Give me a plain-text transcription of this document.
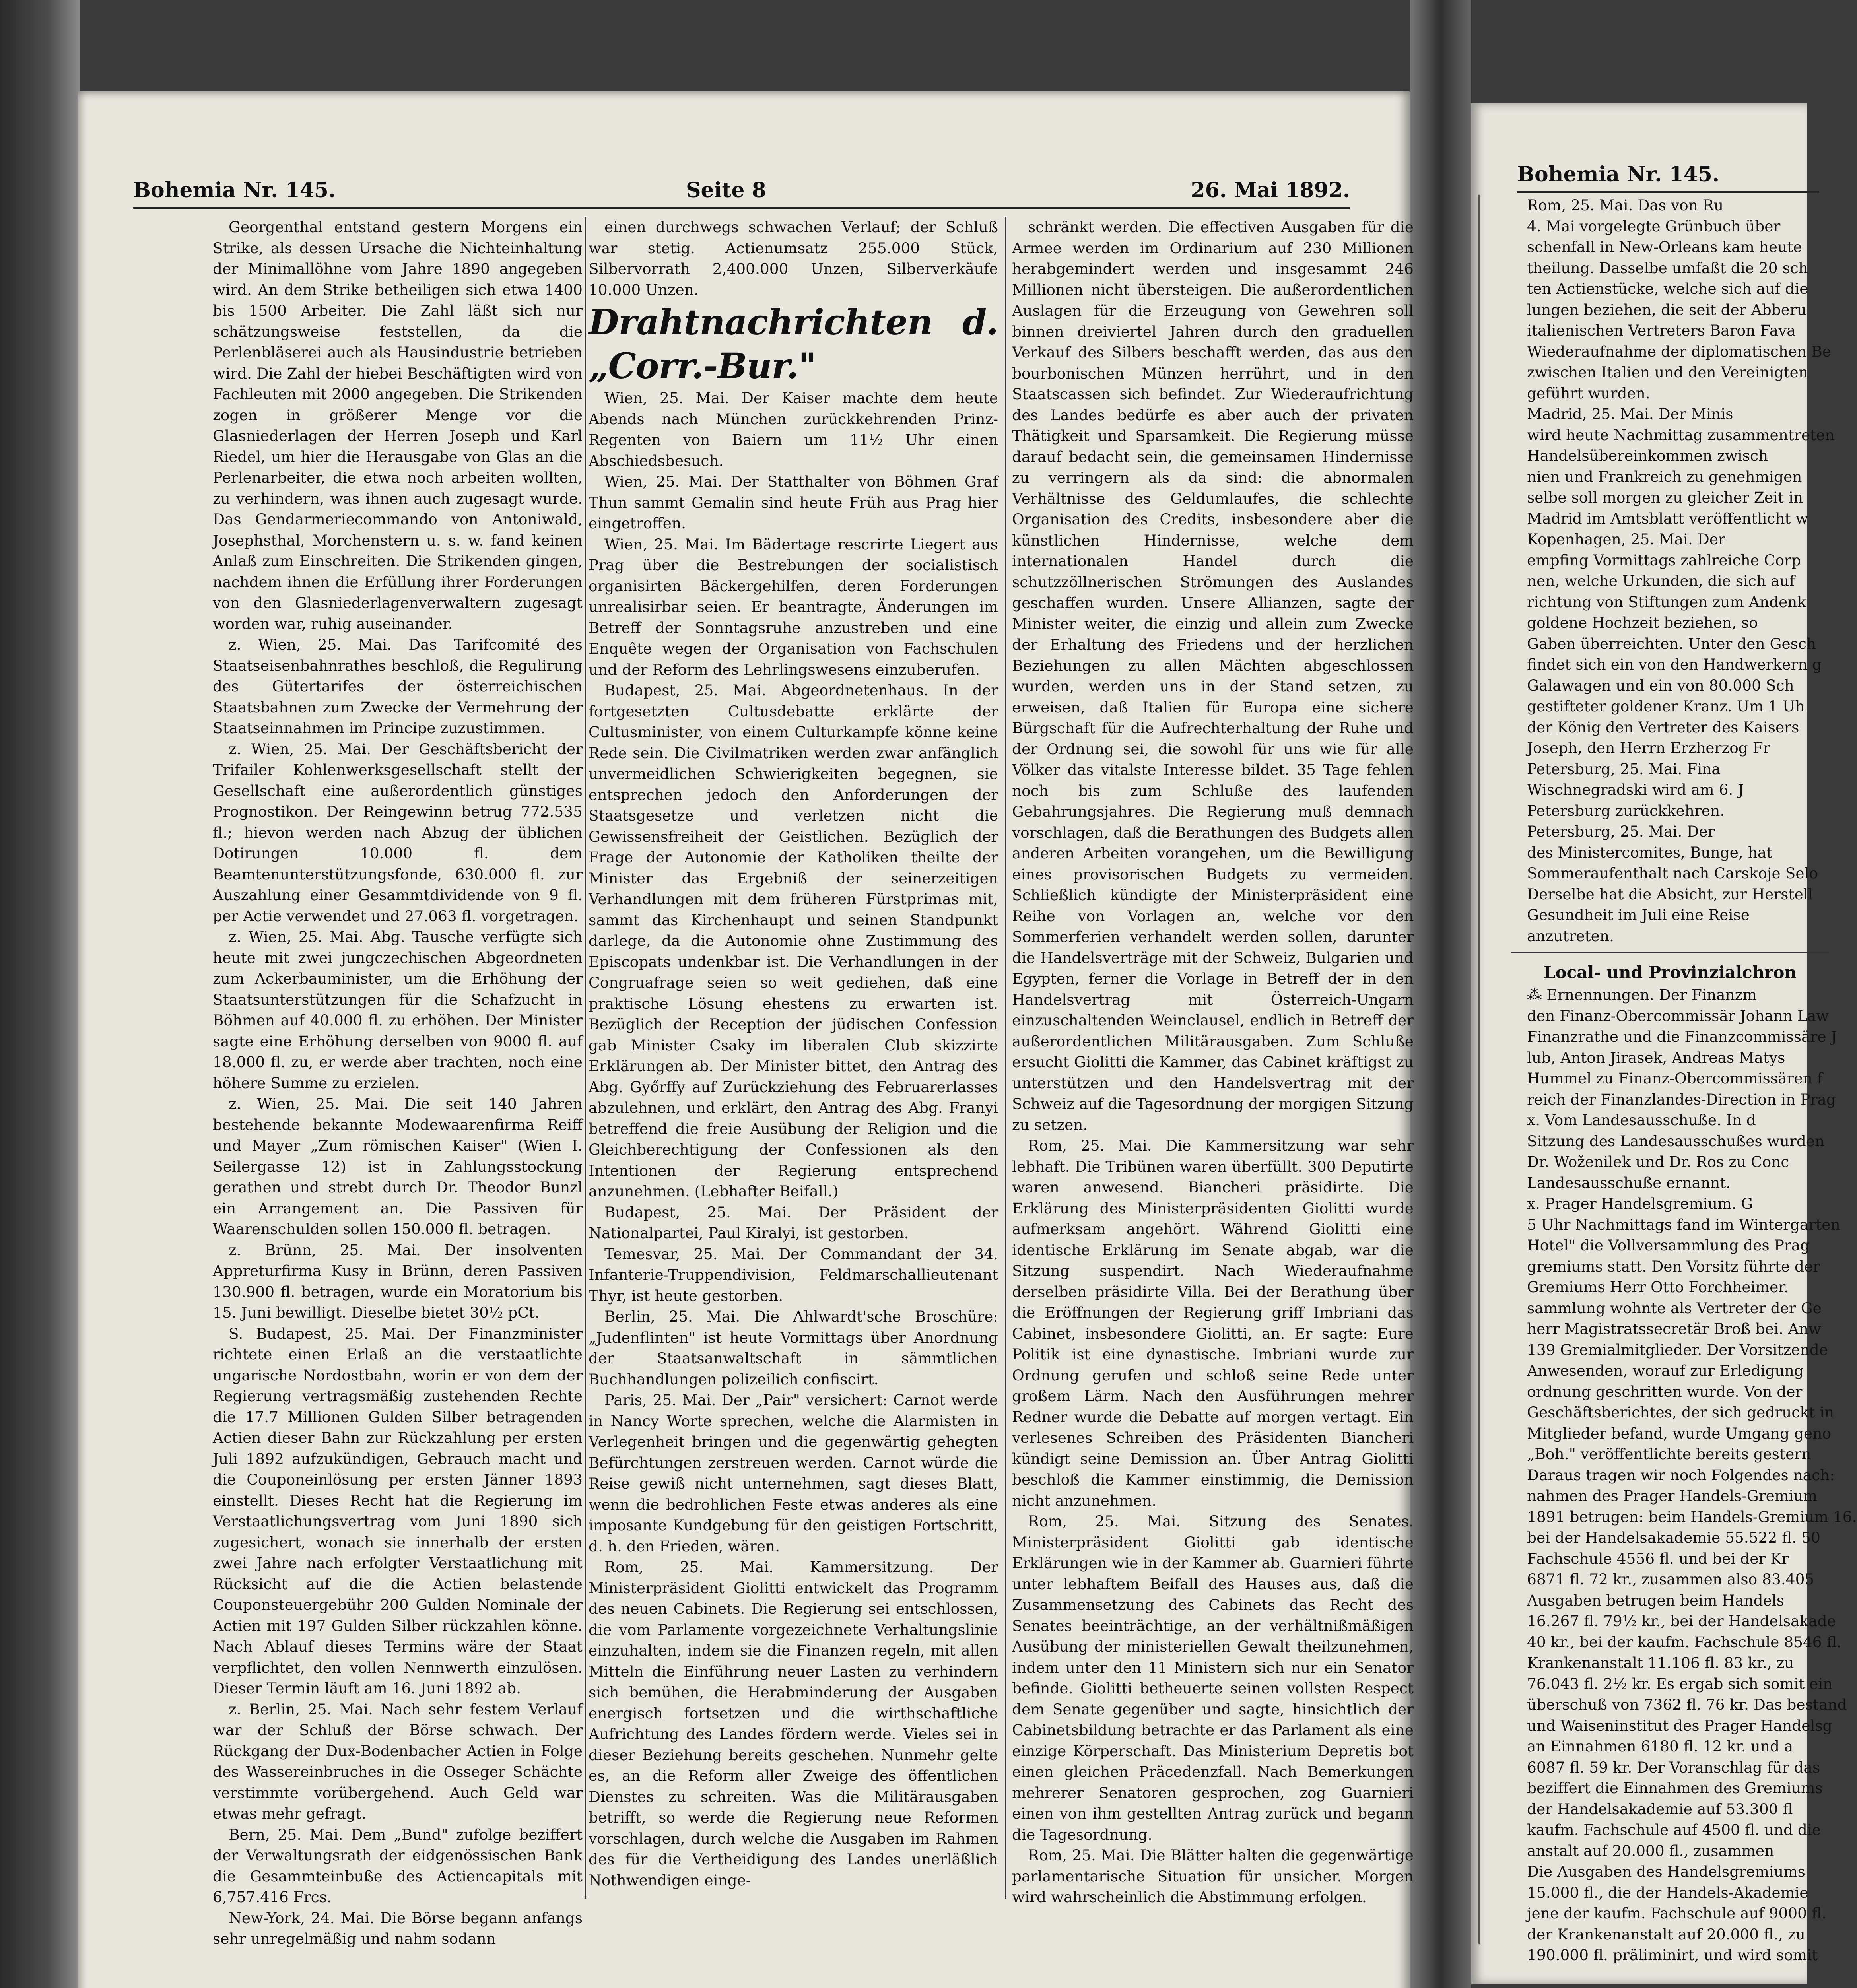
Bohemia Nr. 145.	Seite 8	26. Mai 1892.

Georgenthal entstand gestern Morgens ein Strike, als dessen Ursache die Nichteinhaltung der Minimallöhne vom Jahre 1890 angegeben wird. An dem Strike betheiligen sich etwa 1400 bis 1500 Arbeiter. Die Zahl läßt sich nur schätzungsweise feststellen, da die Perlenbläserei auch als Hausindustrie betrieben wird. Die Zahl der hiebei Beschäftigten wird von Fachleuten mit 2000 angegeben. Die Strikenden zogen in größerer Menge vor die Glasniederlagen der Herren Joseph und Karl Riedel, um hier die Herausgabe von Glas an die Perlenarbeiter, die etwa noch arbeiten wollten, zu verhindern, was ihnen auch zugesagt wurde. Das Gendarmeriecommando von Antoniwald, Josephsthal, Morchenstern u. s. w. fand keinen Anlaß zum Einschreiten. Die Strikenden gingen, nachdem ihnen die Erfüllung ihrer Forderungen von den Glasniederlagenverwaltern zugesagt worden war, ruhig auseinander.

z. Wien, 25. Mai. Das Tarifcomité des Staatseisenbahnrathes beschloß, die Regulirung des Gütertarifes der österreichischen Staatsbahnen zum Zwecke der Vermehrung der Staatseinnahmen im Principe zuzustimmen.

z. Wien, 25. Mai. Der Geschäftsbericht der Trifailer Kohlenwerksgesellschaft stellt der Gesellschaft eine außerordentlich günstiges Prognostikon. Der Reingewinn betrug 772.535 fl.; hievon werden nach Abzug der üblichen Dotirungen 10.000 fl. dem Beamtenunterstützungsfonde, 630.000 fl. zur Auszahlung einer Gesammtdividende von 9 fl. per Actie verwendet und 27.063 fl. vorgetragen.

z. Wien, 25. Mai. Abg. Tausche verfügte sich heute mit zwei jungczechischen Abgeordneten zum Ackerbauminister, um die Erhöhung der Staatsunterstützungen für die Schafzucht in Böhmen auf 40.000 fl. zu erhöhen. Der Minister sagte eine Erhöhung derselben von 9000 fl. auf 18.000 fl. zu, er werde aber trachten, noch eine höhere Summe zu erzielen.

z. Wien, 25. Mai. Die seit 140 Jahren bestehende bekannte Modewaarenfirma Reiff und Mayer „Zum römischen Kaiser" (Wien I. Seilergasse 12) ist in Zahlungsstockung gerathen und strebt durch Dr. Theodor Bunzl ein Arrangement an. Die Passiven für Waarenschulden sollen 150.000 fl. betragen.

z. Brünn, 25. Mai. Der insolventen Appreturfirma Kusy in Brünn, deren Passiven 130.900 fl. betragen, wurde ein Moratorium bis 15. Juni bewilligt. Dieselbe bietet 30½ pCt.

S. Budapest, 25. Mai. Der Finanzminister richtete einen Erlaß an die verstaatlichte ungarische Nordostbahn, worin er von dem der Regierung vertragsmäßig zustehenden Rechte die 17.7 Millionen Gulden Silber betragenden Actien dieser Bahn zur Rückzahlung per ersten Juli 1892 aufzukündigen, Gebrauch macht und die Couponeinlösung per ersten Jänner 1893 einstellt. Dieses Recht hat die Regierung im Verstaatlichungsvertrag vom Juni 1890 sich zugesichert, wonach sie innerhalb der ersten zwei Jahre nach erfolgter Verstaatlichung mit Rücksicht auf die die Actien belastende Couponsteuergebühr 200 Gulden Nominale der Actien mit 197 Gulden Silber rückzahlen könne. Nach Ablauf dieses Termins wäre der Staat verpflichtet, den vollen Nennwerth einzulösen. Dieser Termin läuft am 16. Juni 1892 ab.

z. Berlin, 25. Mai. Nach sehr festem Verlauf war der Schluß der Börse schwach. Der Rückgang der Dux-Bodenbacher Actien in Folge des Wassereinbruches in die Osseger Schächte verstimmte vorübergehend. Auch Geld war etwas mehr gefragt.

Bern, 25. Mai. Dem „Bund" zufolge beziffert der Verwaltungsrath der eidgenössischen Bank die Gesammteinbuße des Actiencapitals mit 6,757.416 Frcs.

New-York, 24. Mai. Die Börse begann anfangs sehr unregelmäßig und nahm sodann

einen durchwegs schwachen Verlauf; der Schluß war stetig. Actienumsatz 255.000 Stück, Silbervorrath 2,400.000 Unzen, Silberverkäufe 10.000 Unzen.

Drahtnachrichten d. „Corr.-Bur."

Wien, 25. Mai. Der Kaiser machte dem heute Abends nach München zurückkehrenden Prinz-Regenten von Baiern um 11½ Uhr einen Abschiedsbesuch.

Wien, 25. Mai. Der Statthalter von Böhmen Graf Thun sammt Gemalin sind heute Früh aus Prag hier eingetroffen.

Wien, 25. Mai. Im Bädertage rescrirte Liegert aus Prag über die Bestrebungen der socialistisch organisirten Bäckergehilfen, deren Forderungen unrealisirbar seien. Er beantragte, Änderungen im Betreff der Sonntagsruhe anzustreben und eine Enquête wegen der Organisation von Fachschulen und der Reform des Lehrlingswesens einzuberufen.

Budapest, 25. Mai. Abgeordnetenhaus. In der fortgesetzten Cultusdebatte erklärte der Cultusminister, von einem Culturkampfe könne keine Rede sein. Die Civilmatriken werden zwar anfänglich unvermeidlichen Schwierigkeiten begegnen, sie entsprechen jedoch den Anforderungen der Staatsgesetze und verletzen nicht die Gewissensfreiheit der Geistlichen. Bezüglich der Frage der Autonomie der Katholiken theilte der Minister das Ergebniß der seinerzeitigen Verhandlungen mit dem früheren Fürstprimas mit, sammt das Kirchenhaupt und seinen Standpunkt darlege, da die Autonomie ohne Zustimmung des Episcopats undenkbar ist. Die Verhandlungen in der Congruafrage seien so weit gediehen, daß eine praktische Lösung ehestens zu erwarten ist. Bezüglich der Reception der jüdischen Confession gab Minister Csaky im liberalen Club skizzirte Erklärungen ab. Der Minister bittet, den Antrag des Abg. Győrffy auf Zurückziehung des Februarerlasses abzulehnen, und erklärt, den Antrag des Abg. Franyi betreffend die freie Ausübung der Religion und die Gleichberechtigung der Confessionen als den Intentionen der Regierung entsprechend anzunehmen. (Lebhafter Beifall.)

Budapest, 25. Mai. Der Präsident der Nationalpartei, Paul Kiralyi, ist gestorben.

Temesvar, 25. Mai. Der Commandant der 34. Infanterie-Truppendivision, Feldmarschallieutenant Thyr, ist heute gestorben.

Berlin, 25. Mai. Die Ahlwardt'sche Broschüre: „Judenflinten" ist heute Vormittags über Anordnung der Staatsanwaltschaft in sämmtlichen Buchhandlungen polizeilich confiscirt.

Paris, 25. Mai. Der „Pair" versichert: Carnot werde in Nancy Worte sprechen, welche die Alarmisten in Verlegenheit bringen und die gegenwärtig gehegten Befürchtungen zerstreuen werden. Carnot würde die Reise gewiß nicht unternehmen, sagt dieses Blatt, wenn die bedrohlichen Feste etwas anderes als eine imposante Kundgebung für den geistigen Fortschritt, d. h. den Frieden, wären.

Rom, 25. Mai. Kammersitzung. Der Ministerpräsident Giolitti entwickelt das Programm des neuen Cabinets. Die Regierung sei entschlossen, die vom Parlamente vorgezeichnete Verhaltungslinie einzuhalten, indem sie die Finanzen regeln, mit allen Mitteln die Einführung neuer Lasten zu verhindern sich bemühen, die Herabminderung der Ausgaben energisch fortsetzen und die wirthschaftliche Aufrichtung des Landes fördern werde. Vieles sei in dieser Beziehung bereits geschehen. Nunmehr gelte es, an die Reform aller Zweige des öffentlichen Dienstes zu schreiten. Was die Militärausgaben betrifft, so werde die Regierung neue Reformen vorschlagen, durch welche die Ausgaben im Rahmen des für die Vertheidigung des Landes unerläßlich Nothwendigen einge-

schränkt werden. Die effectiven Ausgaben für die Armee werden im Ordinarium auf 230 Millionen herabgemindert werden und insgesammt 246 Millionen nicht übersteigen. Die außerordentlichen Auslagen für die Erzeugung von Gewehren soll binnen dreiviertel Jahren durch den graduellen Verkauf des Silbers beschafft werden, das aus den bourbonischen Münzen herrührt, und in den Staatscassen sich befindet. Zur Wiederaufrichtung des Landes bedürfe es aber auch der privaten Thätigkeit und Sparsamkeit. Die Regierung müsse darauf bedacht sein, die gemeinsamen Hindernisse zu verringern als da sind: die abnormalen Verhältnisse des Geldumlaufes, die schlechte Organisation des Credits, insbesondere aber die künstlichen Hindernisse, welche dem internationalen Handel durch die schutzzöllnerischen Strömungen des Auslandes geschaffen wurden. Unsere Allianzen, sagte der Minister weiter, die einzig und allein zum Zwecke der Erhaltung des Friedens und der herzlichen Beziehungen zu allen Mächten abgeschlossen wurden, werden uns in der Stand setzen, zu erweisen, daß Italien für Europa eine sichere Bürgschaft für die Aufrechterhaltung der Ruhe und der Ordnung sei, die sowohl für uns wie für alle Völker das vitalste Interesse bildet. 35 Tage fehlen noch bis zum Schluße des laufenden Gebahrungsjahres. Die Regierung muß demnach vorschlagen, daß die Berathungen des Budgets allen anderen Arbeiten vorangehen, um die Bewilligung eines provisorischen Budgets zu vermeiden. Schließlich kündigte der Ministerpräsident eine Reihe von Vorlagen an, welche vor den Sommerferien verhandelt werden sollen, darunter die Handelsverträge mit der Schweiz, Bulgarien und Egypten, ferner die Vorlage in Betreff der in den Handelsvertrag mit Österreich-Ungarn einzuschaltenden Weinclausel, endlich in Betreff der außerordentlichen Militärausgaben. Zum Schluße ersucht Giolitti die Kammer, das Cabinet kräftigst zu unterstützen und den Handelsvertrag mit der Schweiz auf die Tagesordnung der morgigen Sitzung zu setzen.

Rom, 25. Mai. Die Kammersitzung war sehr lebhaft. Die Tribünen waren überfüllt. 300 Deputirte waren anwesend. Biancheri präsidirte. Die Erklärung des Ministerpräsidenten Giolitti wurde aufmerksam angehört. Während Giolitti eine identische Erklärung im Senate abgab, war die Sitzung suspendirt. Nach Wiederaufnahme derselben präsidirte Villa. Bei der Berathung über die Eröffnungen der Regierung griff Imbriani das Cabinet, insbesondere Giolitti, an. Er sagte: Eure Politik ist eine dynastische. Imbriani wurde zur Ordnung gerufen und schloß seine Rede unter großem Lärm. Nach den Ausführungen mehrer Redner wurde die Debatte auf morgen vertagt. Ein verlesenes Schreiben des Präsidenten Biancheri kündigt seine Demission an. Über Antrag Giolitti beschloß die Kammer einstimmig, die Demission nicht anzunehmen.

Rom, 25. Mai. Sitzung des Senates. Ministerpräsident Giolitti gab identische Erklärungen wie in der Kammer ab. Guarnieri führte unter lebhaftem Beifall des Hauses aus, daß die Zusammensetzung des Cabinets das Recht des Senates beeinträchtige, an der verhältnißmäßigen Ausübung der ministeriellen Gewalt theilzunehmen, indem unter den 11 Ministern sich nur ein Senator befinde. Giolitti betheuerte seinen vollsten Respect dem Senate gegenüber und sagte, hinsichtlich der Cabinetsbildung betrachte er das Parlament als eine einzige Körperschaft. Das Ministerium Depretis bot einen gleichen Präcedenzfall. Nach Bemerkungen mehrerer Senatoren gesprochen, zog Guarnieri einen von ihm gestellten Antrag zurück und begann die Tagesordnung.

Rom, 25. Mai. Die Blätter halten die gegenwärtige parlamentarische Situation für unsicher. Morgen wird wahrscheinlich die Abstimmung erfolgen.

Bohemia Nr. 145.

Rom, 25. Mai. Das von Ru

4. Mai vorgelegte Grünbuch über

schenfall in New-Orleans kam heute

theilung. Dasselbe umfaßt die 20 sch

ten Actienstücke, welche sich auf die

lungen beziehen, die seit der Abberu

italienischen Vertreters Baron Fava

Wiederaufnahme der diplomatischen Be

zwischen Italien und den Vereinigten

geführt wurden.

Madrid, 25. Mai. Der Minis

wird heute Nachmittag zusammentreten

Handelsübereinkommen zwisch

nien und Frankreich zu genehmigen

selbe soll morgen zu gleicher Zeit in

Madrid im Amtsblatt veröffentlicht w

Kopenhagen, 25. Mai. Der

empfing Vormittags zahlreiche Corp

nen, welche Urkunden, die sich auf

richtung von Stiftungen zum Andenk

goldene Hochzeit beziehen, so

Gaben überreichten. Unter den Gesch

findet sich ein von den Handwerkern g

Galawagen und ein von 80.000 Sch

gestifteter goldener Kranz. Um 1 Uh

der König den Vertreter des Kaisers

Joseph, den Herrn Erzherzog Fr

Petersburg, 25. Mai. Fina

Wischnegradski wird am 6. J

Petersburg zurückkehren.

Petersburg, 25. Mai. Der

des Ministercomites, Bunge, hat

Sommeraufenthalt nach Carskoje Selo

Derselbe hat die Absicht, zur Herstell

Gesundheit im Juli eine Reise

anzutreten.

Local- und Provinzialchron

⁂ Ernennungen. Der Finanzm

den Finanz-Obercommissär Johann Law

Finanzrathe und die Finanzcommissäre J

lub, Anton Jirasek, Andreas Matys

Hummel zu Finanz-Obercommissären f

reich der Finanzlandes-Direction in Prag

x. Vom Landesausschuße. In d

Sitzung des Landesausschußes wurden

Dr. Woženilek und Dr. Ros zu Conc

Landesausschuße ernannt.

x. Prager Handelsgremium. G

5 Uhr Nachmittags fand im Wintergarten

Hotel" die Vollversammlung des Prag

gremiums statt. Den Vorsitz führte der

Gremiums Herr Otto Forchheimer.

sammlung wohnte als Vertreter der Ge

herr Magistratssecretär Broß bei. Anw

139 Gremialmitglieder. Der Vorsitzende

Anwesenden, worauf zur Erledigung

ordnung geschritten wurde. Von der

Geschäftsberichtes, der sich gedruckt in

Mitglieder befand, wurde Umgang geno

„Boh." veröffentlichte bereits gestern

Daraus tragen wir noch Folgendes nach:

nahmen des Prager Handels-Gremium

1891 betrugen: beim Handels-Gremium 16.

bei der Handelsakademie 55.522 fl. 50

Fachschule 4556 fl. und bei der Kr

6871 fl. 72 kr., zusammen also 83.405

Ausgaben betrugen beim Handels

16.267 fl. 79½ kr., bei der Handelsakade

40 kr., bei der kaufm. Fachschule 8546 fl.

Krankenanstalt 11.106 fl. 83 kr., zu

76.043 fl. 2½ kr. Es ergab sich somit ein

überschuß von 7362 fl. 76 kr. Das bestand

und Waiseninstitut des Prager Handelsg

an Einnahmen 6180 fl. 12 kr. und a

6087 fl. 59 kr. Der Voranschlag für das

beziffert die Einnahmen des Gremiums

der Handelsakademie auf 53.300 fl

kaufm. Fachschule auf 4500 fl. und die

anstalt auf 20.000 fl., zusammen

Die Ausgaben des Handelsgremiums

15.000 fl., die der Handels-Akademie

jene der kaufm. Fachschule auf 9000 fl.

der Krankenanstalt auf 20.000 fl., zu

190.000 fl. präliminirt, und wird somit
